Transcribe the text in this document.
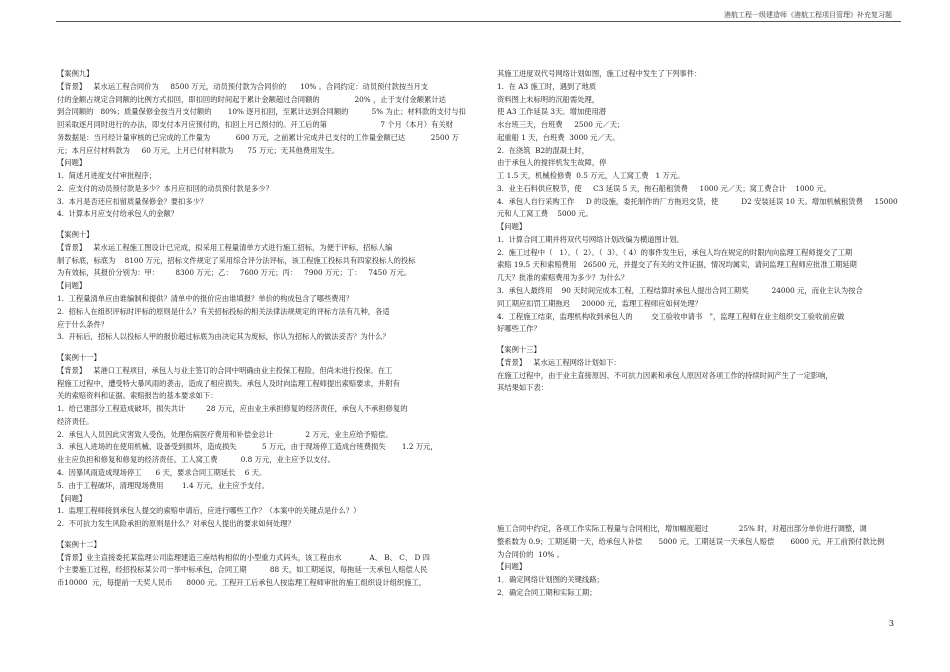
港航工程一级建造师《港航工程项目管理》补充复习题

【案例九】

【背景】   某水运工程合同价为     8500 万元，动员预付款为合同价的      10% 。合同约定：动员预付款按当月支

付的金额占规定合同额的比例方式扣回，即扣回的时间起于累计金额超过合同额的               20% ，止于支付金额累计达

到合同额的   80%；质量保修金按当月支付额的       10% 逐月扣回，至累计达到合同额的          5% 为止；材料款的支付与扣

回采取逐月同时进行的办法，即支付本月应预付的，扣回上月已预付的。开工后的第                       7 个月（本月）有关财

务数据是：当月经计量审核的已完成的工作量为           600 万元，之前累计完成并已支付的工作量金额已达           2500 万

元；本月应付材料款为     60 万元，上月已付材料款为      75 万元；无其他费用发生。

【问题】

1.  简述月进度支付审批程序；

2.  应支付的动员预付款是多少？本月应扣回的动员预付款是多少？

3.  本月是否还应扣留质量保修金？要扣多少？

4.  计算本月应支付给承包人的金额？

【案例十】

【背景】   某水运工程施工图设计已完成，拟采用工程量清单方式进行施工招标，为便于评标，招标人编

制了标底，标底为    8100 万元，招标文件规定了采用综合评分法评标，该工程施工投标共有四家投标人的投标

为有效标，其报价分别为：甲：       8300 万元；乙：   7600 万元；丙：   7900 万元；丁：   7450 万元。

【问题】

1.  工程量清单应由谁编制和提供？清单中的报价应由谁填报？单价的构成包含了哪些费用？

2.  招标人在组织评标时评标的原则是什么？有关招标投标的相关法律法规规定的评标方法有几种，各适

应于什么条件？

3.  开标后，招标人以投标人甲的报价超过标底为由决定其为废标，你认为招标人的做法妥否？为什么？

【案例十一】

【背景】   某港口工程项目，承包人与业主签订的合同中明确由业主投保工程险，但尚未进行投保。在工

程施工过程中，遭受特大暴风雨的袭击，造成了相应损失。承包人及时向监理工程师提出索赔要求，并附有

关的索赔资料和证据。索赔报告的基本要求如下：

1.  给已建部分工程造成破坏，损失共计         28 万元，应由业主承担修复的经济责任，承包人不承担修复的

经济责任。

2.  承包人人员因此灾害致人受伤，处理伤病医疗费用和补偿金总计              2 万元，业主应给予赔偿。

3.  承包人进场的在使用机械、设备受到损坏，造成损失           5 万元，由于现场停工造成台班费损失       1.2 万元，

业主应负担和修复和修复的经济责任。工人窝工费          0.8 万元，业主应予以支付。

4.  因暴风雨造成现场停工      6 天，要求合同工期延长    6 天。

5.  由于工程破坏，清理现场费用        1.4 万元，业主应予支付。

【问题】

1.  监理工程师接到承包人提交的索赔申请后，应进行哪些工作？（本案中的关键点是什么？）

2.  不可抗力发生风险承担的原则是什么？对承包人提出的要求如何处理？

【案例十二】

【背景】业主直接委托某监理公司监理建造三座结构相似的小型重力式码头，该工程由水            A、 B、 C、 D 四

个主要施工过程，经招投标某公司一举中标承包，合同工期          88 天，如工期延误，每拖延一天承包人赔偿人民

币10000  元，每提前一天奖人民币      8000 元。工程开工后承包人按监理工程师审批的施工组织设计组织施工，

其施工进度双代号网络计划如图，施工过程中发生了下列事件：

1.  在 A3 施工时，遇到了地质

资料图上未标明的沉船需处理，

使 A3 工作延误 3天。增加使用潜

水台班三天，台班费     2500 元／天；

起重船 1 天，台班费  3000 元／天。

2.  在浇筑  B2的混凝土时，

由于承包人的搅拌机发生故障，停

工 1.5 天，机械检修费  0.5 万元，人工窝工费   1 万元。

3.  业主石料供应脱节，使     C3 延误 5 天，拖石船租赁费     1000 元／天；窝工费合计    1000 元。

4.  承包人自行采购工作     D 的设施，委托制作的厂方拖迟交货，使          D2 安装延误 10 天。增加机械租赁费     15000

元和人工窝工费    5000 元。

【问题】

1.  计算合同工期并将双代号网络计划改编为横道图计划。

2.  施工过程中（   1）、（  2）、（  3）、（ 4）的事件发生后，承包人均在规定的时限内向监理工程师提交了工期

索赔 19.5 天和索赔费用   26500 元，并提交了有关的文件证据，情况均属实，请问监理工程师应批准工期延期

几天？批准的索赔费用为多少？为什么？

3.  承包人最终用    90 天时间完成本工程，工程结算时承包人提出合同工期奖          24000 元，而业主认为按合

同工期应扣罚工期拖迟     20000 元，监理工程师应如何处理？

4.  工程施工结束，监理机构收到承包人的        交工验收申请书   ”，监理工程师在业主组织交工验收前应做

好哪些工作？

【案例十三】

【背景】   某水运工程网络计划如下：

在施工过程中，由于业主直接原因、不可抗力因素和承包人原因对各项工作的持续时间产生了一定影响，

其结果如下表：

施工合同中约定，各项工作实际工程量与合同相比，增加幅度超过             25% 时，对超出部分单价进行调整，调

整系数为 0.9；工期延期一天，给承包人补偿       5000 元，工期延误一天承包人赔偿       6000 元，开工前预付款比例

为合同价的  10% 。

【问题】

1．确定网络计划图的关键线路；

2．确定合同工期和实际工期；

3
